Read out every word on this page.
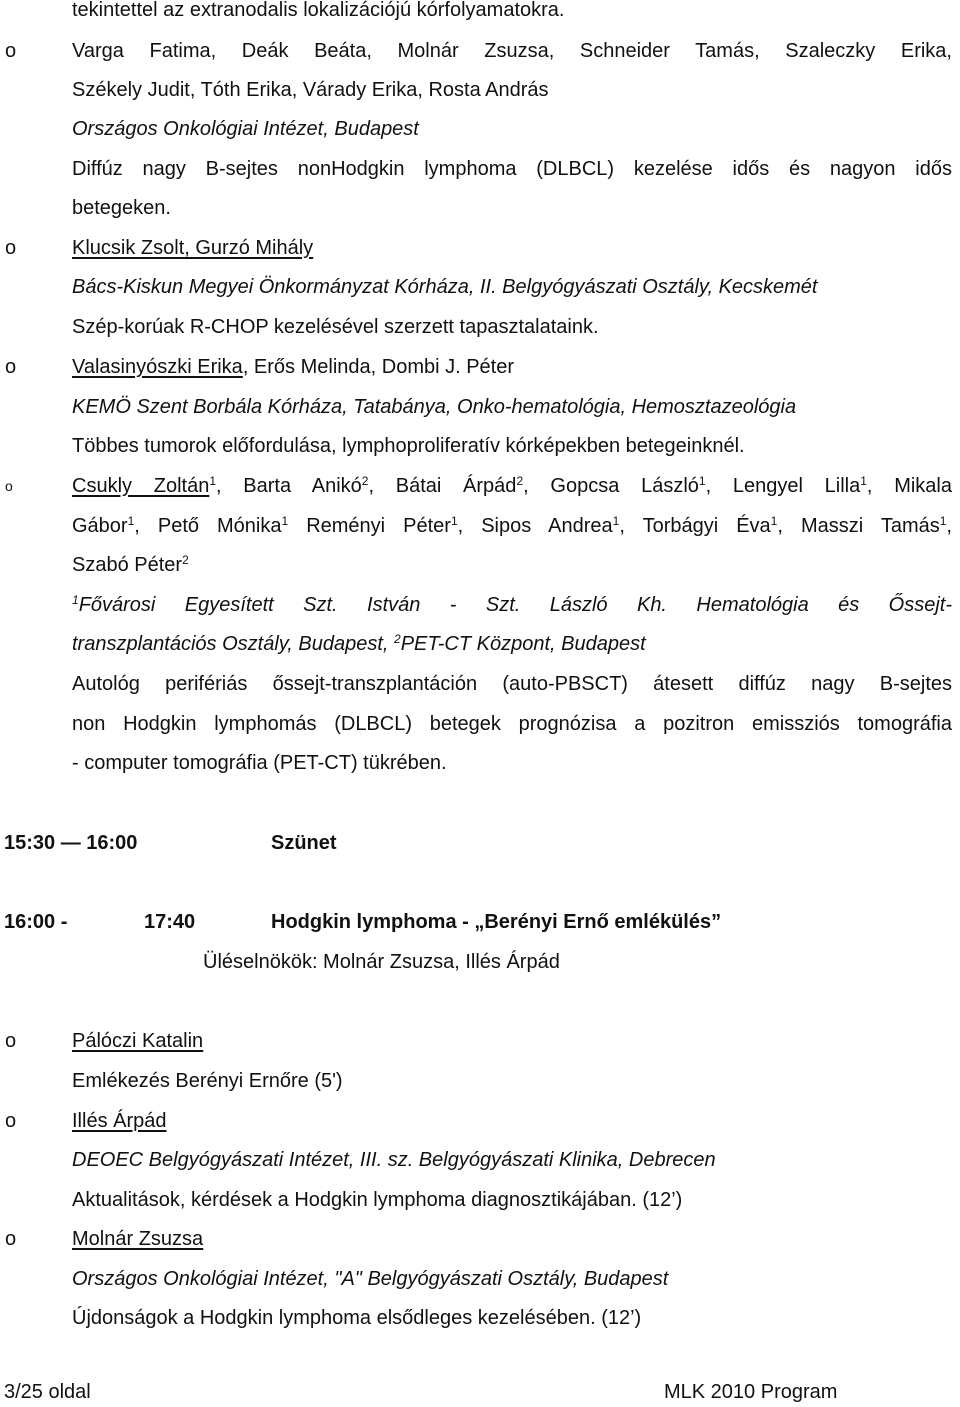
tekintettel az extranodalis lokalizációjú kórfolyamatokra.
o	Varga Fatima, Deák Beáta, Molnár Zsuzsa, Schneider Tamás, Szaleczky Erika,
Székely Judit, Tóth Erika, Várady Erika, Rosta András
Országos Onkológiai Intézet, Budapest
Diffúz nagy B-sejtes nonHodgkin lymphoma (DLBCL) kezelése idős és nagyon idős
betegeken.
o	Klucsik Zsolt, Gurzó Mihály
Bács-Kiskun Megyei Önkormányzat Kórháza, II. Belgyógyászati Osztály, Kecskemét
Szép-korúak R-CHOP kezelésével szerzett tapasztalataink.
o	Valasinyószki Erika, Erős Melinda, Dombi J. Péter
KEMÖ Szent Borbála Kórháza, Tatabánya, Onko-hematológia, Hemosztazeológia
Többes tumorok előfordulása, lymphoproliferatív kórképekben betegeinknél.
o	Csukly Zoltán$^1$, Barta Anikó$^2$, Bátai Árpád$^2$, Gopcsa László$^1$, Lengyel Lilla$^1$, Mikala
Gábor$^1$, Pető Mónika$^1$ Reményi Péter$^1$, Sipos Andrea$^1$, Torbágyi Éva$^1$, Masszi Tamás$^1$,
Szabó Péter$^2$
$^1$Fővárosi Egyesített Szt. István - Szt. László Kh. Hematológia és Őssejt-
transzplantációs Osztály, Budapest, $^2$PET-CT Központ, Budapest
Autológ perifériás őssejt-transzplantáción (auto-PBSCT) átesett diffúz nagy B-sejtes
non Hodgkin lymphomás (DLBCL) betegek prognózisa a pozitron emissziós tomográfia
- computer tomográfia (PET-CT) tükrében.
15:30 — 16:00	Szünet
16:00 -	17:40	Hodgkin lymphoma - „Berényi Ernő emlékülés”
Üléselnökök: Molnár Zsuzsa, Illés Árpád
o	Pálóczi Katalin
Emlékezés Berényi Ernőre (5')
o	Illés Árpád
DEOEC Belgyógyászati Intézet, III. sz. Belgyógyászati Klinika, Debrecen
Aktualitások, kérdések a Hodgkin lymphoma diagnosztikájában. (12’)
o	Molnár Zsuzsa
Országos Onkológiai Intézet, "A" Belgyógyászati Osztály, Budapest
Újdonságok a Hodgkin lymphoma elsődleges kezelésében. (12’)
3/25 oldal	MLK 2010 Program
